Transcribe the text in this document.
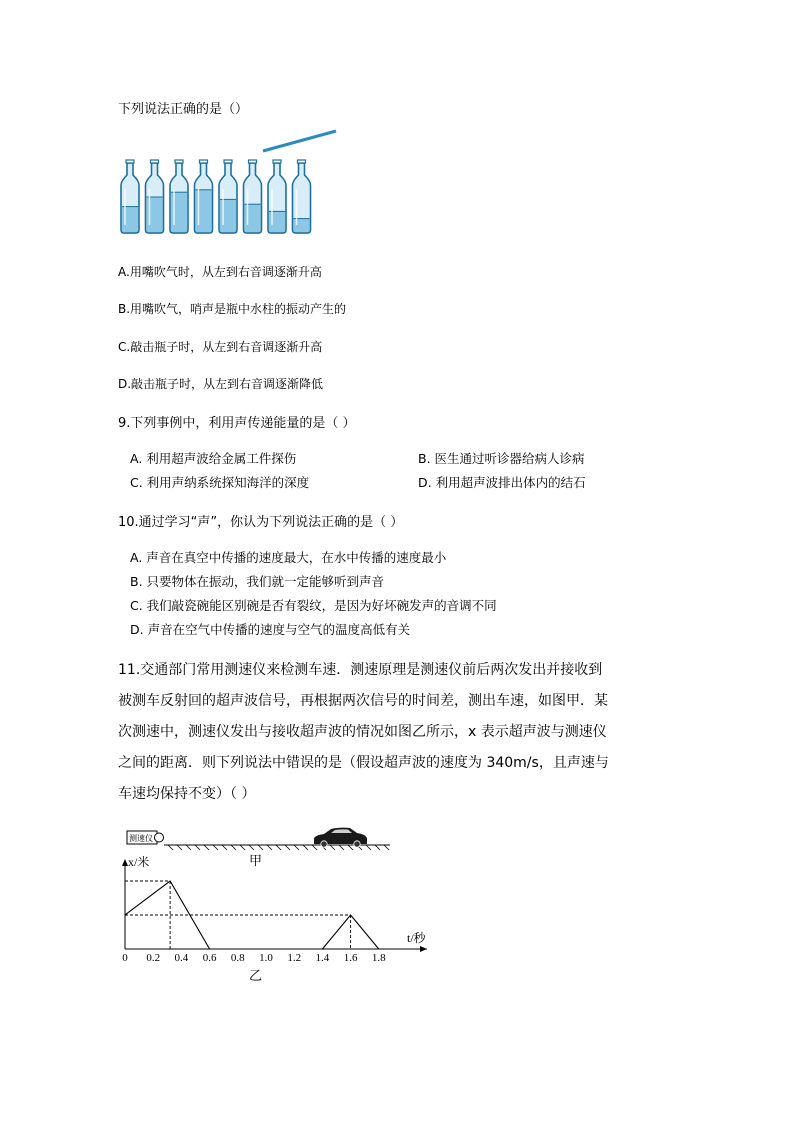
下列说法正确的是（）
A.用嘴吹气时，从左到右音调逐渐升高
B.用嘴吹气，哨声是瓶中水柱的振动产生的
C.敲击瓶子时，从左到右音调逐渐升高
D.敲击瓶子时，从左到右音调逐渐降低
9.下列事例中，利用声传递能量的是（ ）
A. 利用超声波给金属工件探伤	B. 医生通过听诊器给病人诊病
C. 利用声纳系统探知海洋的深度	D. 利用超声波排出体内的结石
10.通过学习“声”，你认为下列说法正确的是（ ）
A. 声音在真空中传播的速度最大，在水中传播的速度最小
B. 只要物体在振动，我们就一定能够听到声音
C. 我们敲瓷碗能区别碗是否有裂纹，是因为好坏碗发声的音调不同
D. 声音在空气中传播的速度与空气的温度高低有关

11.交通部门常用测速仪来检测车速．测速原理是测速仪前后两次发出并接收到

被测车反射回的超声波信号，再根据两次信号的时间差，测出车速，如图甲．某

次测速中，测速仪发出与接收超声波的情况如图乙所示，x 表示超声波与测速仪

之间的距离．则下列说法中错误的是（假设超声波的速度为 340m/s，且声速与

车速均保持不变）（ ）

测速仪
甲
x/米
t/秒
0 0.2 0.4 0.6 0.8 1.0 1.2 1.4 1.6 1.8
乙
